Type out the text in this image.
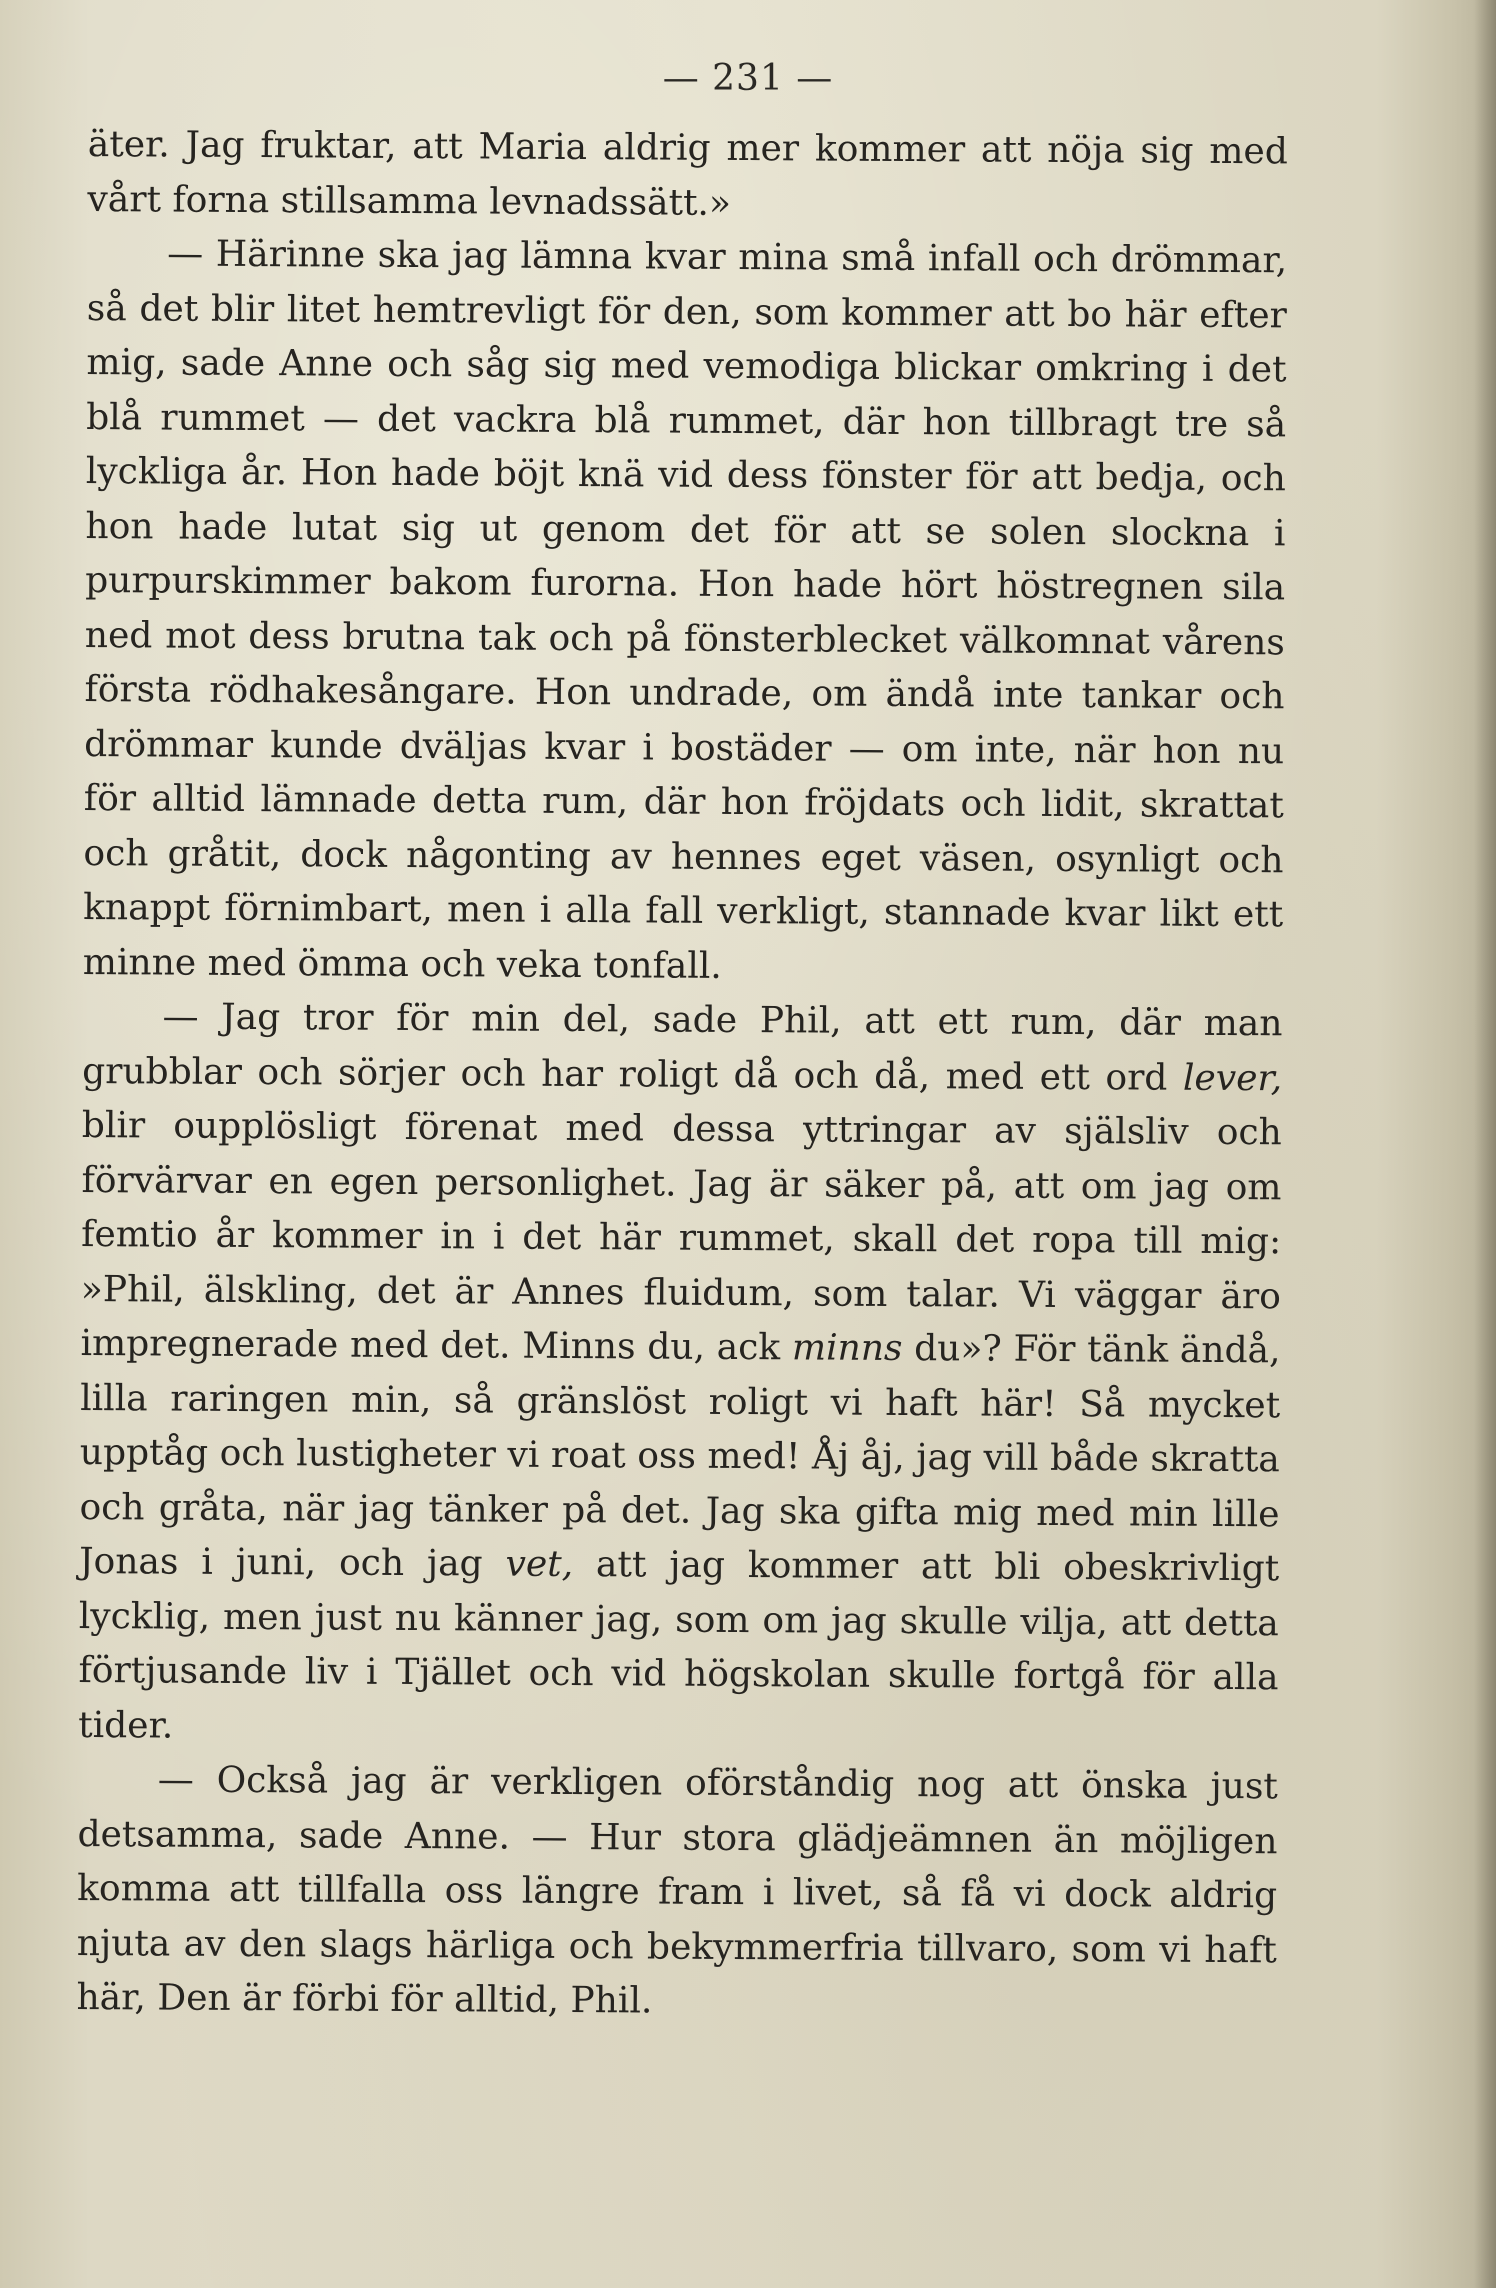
— 231 —

äter. Jag fruktar, att Maria aldrig mer kommer att nöja sig med vårt forna stillsamma levnadssätt.»

— Härinne ska jag lämna kvar mina små infall och drömmar, så det blir litet hemtrevligt för den, som kommer att bo här efter mig, sade Anne och såg sig med vemodiga blickar omkring i det blå rummet — det vackra blå rummet, där hon tillbragt tre så lyckliga år. Hon hade böjt knä vid dess fönster för att bedja, och hon hade lutat sig ut genom det för att se solen slockna i purpurskimmer bakom furorna. Hon hade hört höstregnen sila ned mot dess brutna tak och på fönsterblecket välkomnat vårens första rödhakesångare. Hon undrade, om ändå inte tankar och drömmar kunde dväljas kvar i bostäder — om inte, när hon nu för alltid lämnade detta rum, där hon fröjdats och lidit, skrattat och gråtit, dock någonting av hennes eget väsen, osynligt och knappt förnimbart, men i alla fall verkligt, stannade kvar likt ett minne med ömma och veka tonfall.

— Jag tror för min del, sade Phil, att ett rum, där man grubblar och sörjer och har roligt då och då, med ett ord lever, blir oupplösligt förenat med dessa yttringar av själsliv och förvärvar en egen personlighet. Jag är säker på, att om jag om femtio år kommer in i det här rummet, skall det ropa till mig: »Phil, älskling, det är Annes fluidum, som talar. Vi väggar äro impregnerade med det. Minns du, ack minns du»? För tänk ändå, lilla raringen min, så gränslöst roligt vi haft här! Så mycket upptåg och lustigheter vi roat oss med! Åj åj, jag vill både skratta och gråta, när jag tänker på det. Jag ska gifta mig med min lille Jonas i juni, och jag vet, att jag kommer att bli obeskrivligt lycklig, men just nu känner jag, som om jag skulle vilja, att detta förtjusande liv i Tjället och vid högskolan skulle fortgå för alla tider.

— Också jag är verkligen oförståndig nog att önska just detsamma, sade Anne. — Hur stora glädjeämnen än möjligen komma att tillfalla oss längre fram i livet, så få vi dock aldrig njuta av den slags härliga och bekymmerfria tillvaro, som vi haft här, Den är förbi för alltid, Phil.
